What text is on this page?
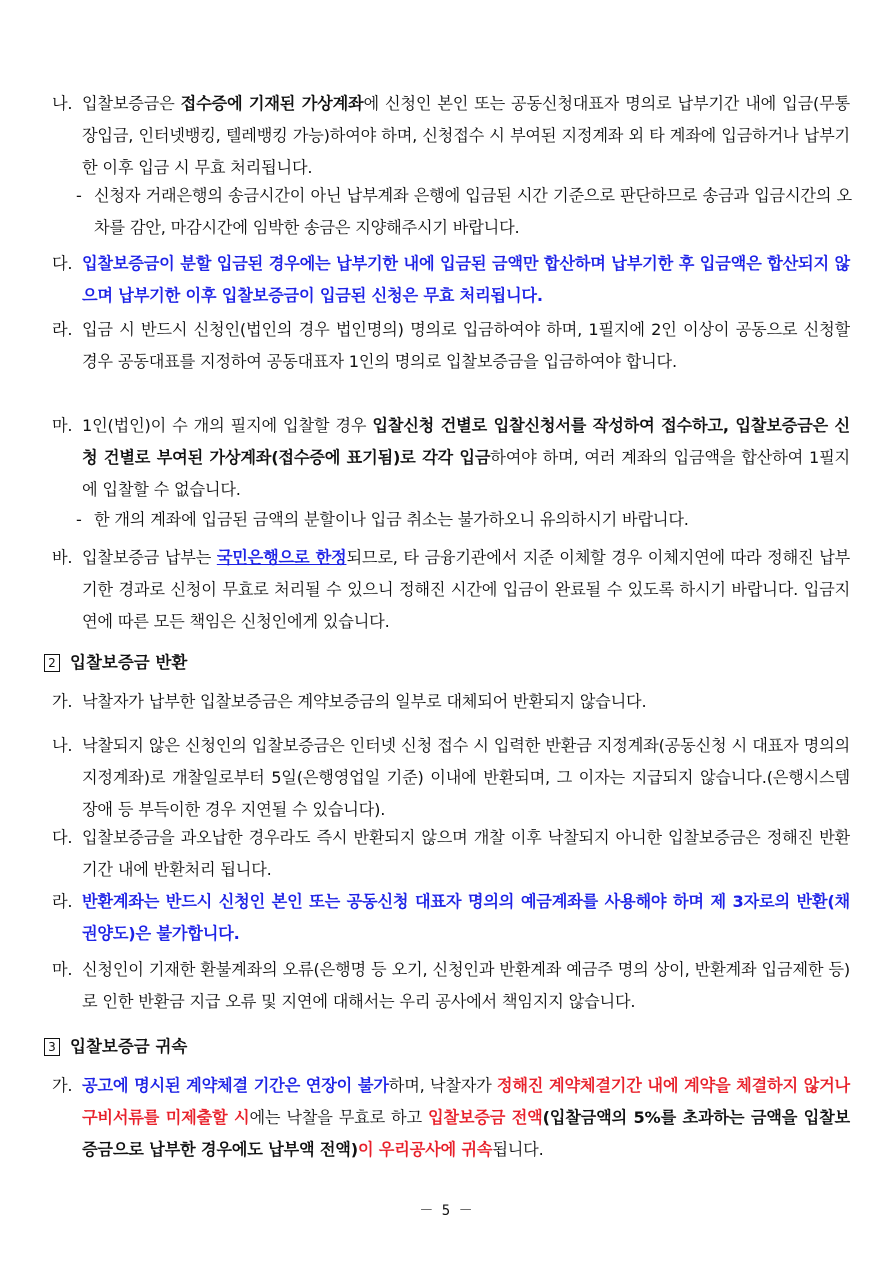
나. 입찰보증금은 접수증에 기재된 가상계좌에 신청인 본인 또는 공동신청대표자 명의로 납부기간 내에 입금(무통장입금, 인터넷뱅킹, 텔레뱅킹 가능)하여야 하며, 신청접수 시 부여된 지정계좌 외 타 계좌에 입금하거나 납부기한 이후 입금 시 무효 처리됩니다.
- 신청자 거래은행의 송금시간이 아닌 납부계좌 은행에 입금된 시간 기준으로 판단하므로 송금과 입금시간의 오차를 감안, 마감시간에 임박한 송금은 지양해주시기 바랍니다.
다. 입찰보증금이 분할 입금된 경우에는 납부기한 내에 입금된 금액만 합산하며 납부기한 후 입금액은 합산되지 않으며 납부기한 이후 입찰보증금이 입금된 신청은 무효 처리됩니다.
라. 입금 시 반드시 신청인(법인의 경우 법인명의) 명의로 입금하여야 하며, 1필지에 2인 이상이 공동으로 신청할 경우 공동대표를 지정하여 공동대표자 1인의 명의로 입찰보증금을 입금하여야 합니다.
마. 1인(법인)이 수 개의 필지에 입찰할 경우 입찰신청 건별로 입찰신청서를 작성하여 접수하고, 입찰보증금은 신청 건별로 부여된 가상계좌(접수증에 표기됨)로 각각 입금하여야 하며, 여러 계좌의 입금액을 합산하여 1필지에 입찰할 수 없습니다.
- 한 개의 계좌에 입금된 금액의 분할이나 입금 취소는 불가하오니 유의하시기 바랍니다.
바. 입찰보증금 납부는 국민은행으로 한정되므로, 타 금융기관에서 지준 이체할 경우 이체지연에 따라 정해진 납부기한 경과로 신청이 무효로 처리될 수 있으니 정해진 시간에 입금이 완료될 수 있도록 하시기 바랍니다. 입금지연에 따른 모든 책임은 신청인에게 있습니다.
2 입찰보증금 반환
가. 낙찰자가 납부한 입찰보증금은 계약보증금의 일부로 대체되어 반환되지 않습니다.
나. 낙찰되지 않은 신청인의 입찰보증금은 인터넷 신청 접수 시 입력한 반환금 지정계좌(공동신청 시 대표자 명의의 지정계좌)로 개찰일로부터 5일(은행영업일 기준) 이내에 반환되며, 그 이자는 지급되지 않습니다.(은행시스템 장애 등 부득이한 경우 지연될 수 있습니다).
다. 입찰보증금을 과오납한 경우라도 즉시 반환되지 않으며 개찰 이후 낙찰되지 아니한 입찰보증금은 정해진 반환기간 내에 반환처리 됩니다.
라. 반환계좌는 반드시 신청인 본인 또는 공동신청 대표자 명의의 예금계좌를 사용해야 하며 제 3자로의 반환(채권양도)은 불가합니다.
마. 신청인이 기재한 환불계좌의 오류(은행명 등 오기, 신청인과 반환계좌 예금주 명의 상이, 반환계좌 입금제한 등)로 인한 반환금 지급 오류 및 지연에 대해서는 우리 공사에서 책임지지 않습니다.
3 입찰보증금 귀속
가. 공고에 명시된 계약체결 기간은 연장이 불가하며, 낙찰자가 정해진 계약체결기간 내에 계약을 체결하지 않거나 구비서류를 미제출할 시에는 낙찰을 무효로 하고 입찰보증금 전액(입찰금액의 5%를 초과하는 금액을 입찰보증금으로 납부한 경우에도 납부액 전액)이 우리공사에 귀속됩니다.
－ 5 －
